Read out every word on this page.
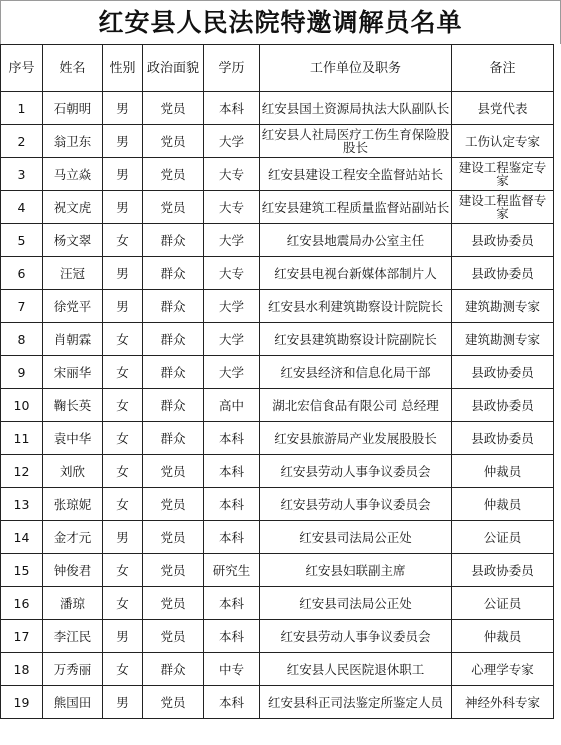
红安县人民法院特邀调解员名单
序号	姓名	性别	政治面貌	学历	工作单位及职务	备注
1	石朝明	男	党员	本科	红安县国土资源局执法大队副队长	县党代表
2	翁卫东	男	党员	大学	红安县人社局医疗工伤生育保险股股长	工伤认定专家
3	马立焱	男	党员	大专	红安县建设工程安全监督站站长	建设工程鉴定专家
4	祝文虎	男	党员	大专	红安县建筑工程质量监督站副站长	建设工程监督专家
5	杨文翠	女	群众	大学	红安县地震局办公室主任	县政协委员
6	汪冠	男	群众	大专	红安县电视台新媒体部制片人	县政协委员
7	徐党平	男	群众	大学	红安县水利建筑勘察设计院院长	建筑勘测专家
8	肖朝霖	女	群众	大学	红安县建筑勘察设计院副院长	建筑勘测专家
9	宋丽华	女	群众	大学	红安县经济和信息化局干部	县政协委员
10	鞠长英	女	群众	高中	湖北宏信食品有限公司 总经理	县政协委员
11	袁中华	女	群众	本科	红安县旅游局产业发展股股长	县政协委员
12	刘欣	女	党员	本科	红安县劳动人事争议委员会	仲裁员
13	张琼妮	女	党员	本科	红安县劳动人事争议委员会	仲裁员
14	金才元	男	党员	本科	红安县司法局公正处	公证员
15	钟俊君	女	党员	研究生	红安县妇联副主席	县政协委员
16	潘琼	女	党员	本科	红安县司法局公正处	公证员
17	李江民	男	党员	本科	红安县劳动人事争议委员会	仲裁员
18	万秀丽	女	群众	中专	红安县人民医院退休职工	心理学专家
19	熊国田	男	党员	本科	红安县科正司法鉴定所鉴定人员	神经外科专家
